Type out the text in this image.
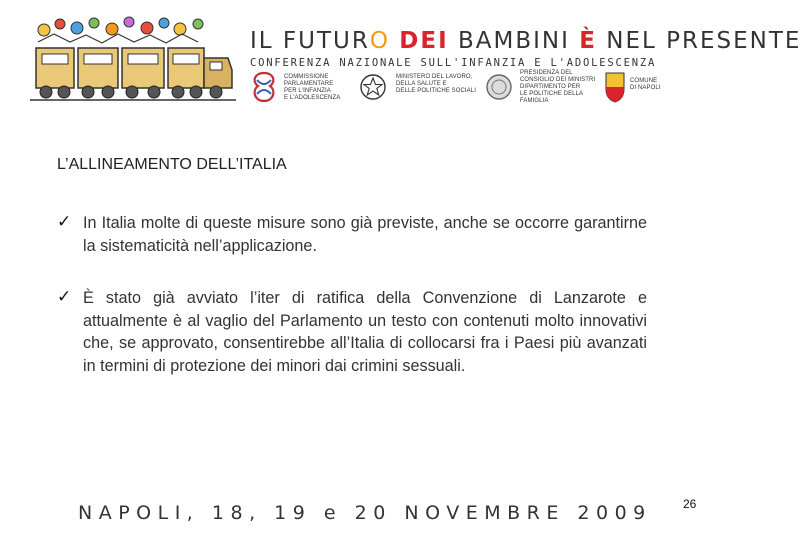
IL FUTURO DEI BAMBINI È NEL PRESENTE
CONFERENZA NAZIONALE SULL'INFANZIA E L'ADOLESCENZA
COMMISSIONE
PARLAMENTARE
PER L'INFANZIA
E L'ADOLESCENZA
MINISTERO DEL LAVORO,
DELLA SALUTE E
DELLE POLITICHE SOCIALI
PRESIDENZA DEL
CONSIGLIO DEI MINISTRI
DIPARTIMENTO PER
LE POLITICHE DELLA FAMIGLIA
COMUNE
DI NAPOLI
L’ALLINEAMENTO DELL’ITALIA
✓ In Italia molte di queste misure sono già previste, anche se occorre garantirne la sistematicità nell’applicazione.
✓ È stato già avviato l’iter di ratifica della Convenzione di Lanzarote e attualmente è al vaglio del Parlamento un testo con contenuti molto innovativi che, se approvato, consentirebbe all’Italia di collocarsi fra i Paesi più avanzati in termini di protezione dei minori dai crimini sessuali.
NAPOLI, 18, 19 e 20 NOVEMBRE 2009	26
